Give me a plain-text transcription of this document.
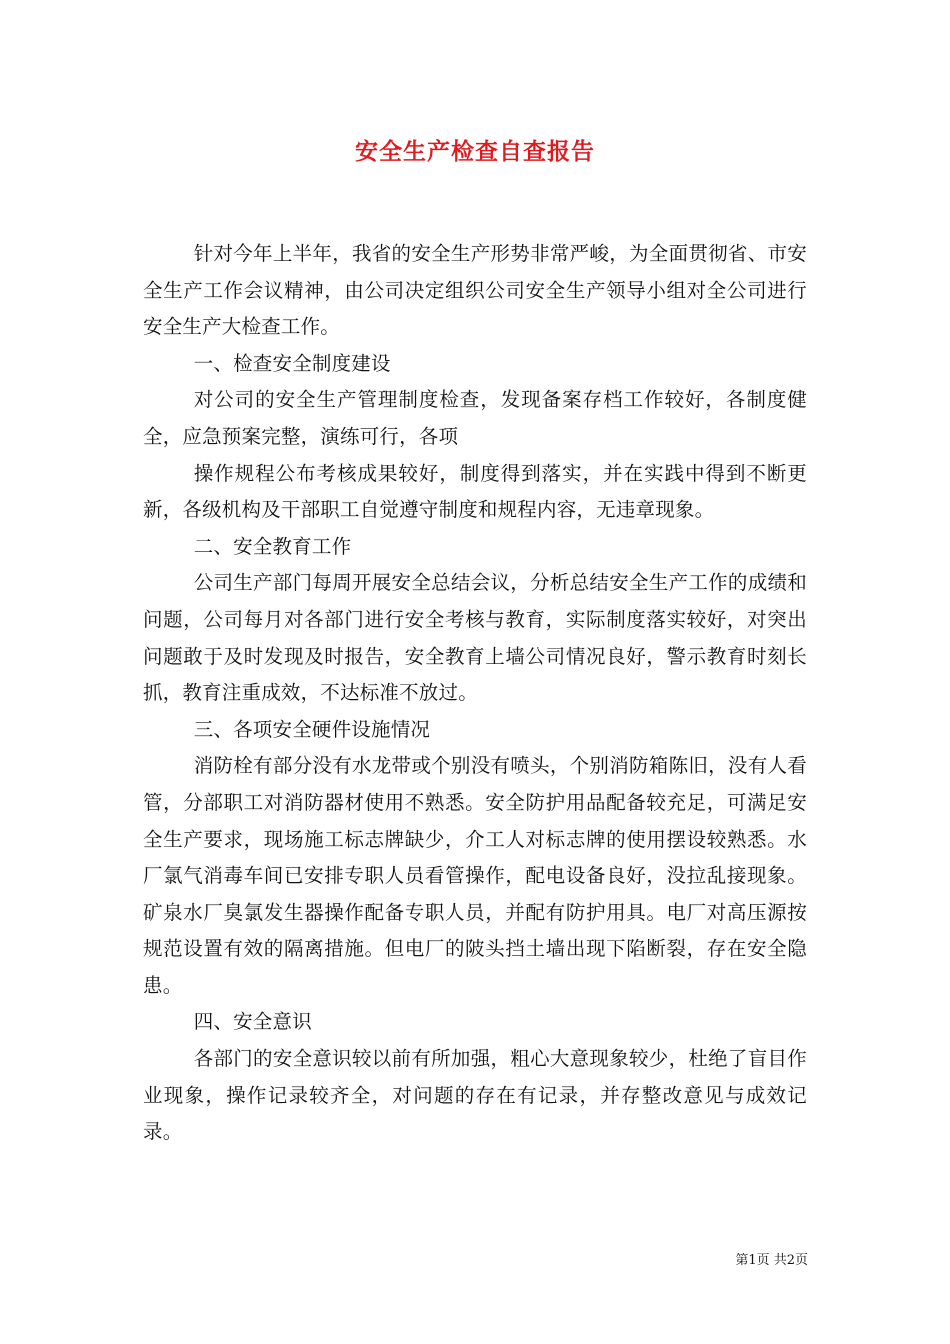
安全生产检查自查报告

针对今年上半年，我省的安全生产形势非常严峻，为全面贯彻省、市安全生产工作会议精神，由公司决定组织公司安全生产领导小组对全公司进行安全生产大检查工作。

一、检查安全制度建设

对公司的安全生产管理制度检查，发现备案存档工作较好，各制度健全，应急预案完整，演练可行，各项

操作规程公布考核成果较好，制度得到落实，并在实践中得到不断更新，各级机构及干部职工自觉遵守制度和规程内容，无违章现象。

二、安全教育工作

公司生产部门每周开展安全总结会议，分析总结安全生产工作的成绩和问题，公司每月对各部门进行安全考核与教育，实际制度落实较好，对突出问题敢于及时发现及时报告，安全教育上墙公司情况良好，警示教育时刻长抓，教育注重成效，不达标准不放过。

三、各项安全硬件设施情况

消防栓有部分没有水龙带或个别没有喷头，个别消防箱陈旧，没有人看管，分部职工对消防器材使用不熟悉。安全防护用品配备较充足，可满足安全生产要求，现场施工标志牌缺少，介工人对标志牌的使用摆设较熟悉。水厂氯气消毒车间已安排专职人员看管操作，配电设备良好，没拉乱接现象。矿泉水厂臭氯发生器操作配备专职人员，并配有防护用具。电厂对高压源按规范设置有效的隔离措施。但电厂的陂头挡土墙出现下陷断裂，存在安全隐患。

四、安全意识

各部门的安全意识较以前有所加强，粗心大意现象较少，杜绝了盲目作业现象，操作记录较齐全，对问题的存在有记录，并存整改意见与成效记录。

第1页 共2页
